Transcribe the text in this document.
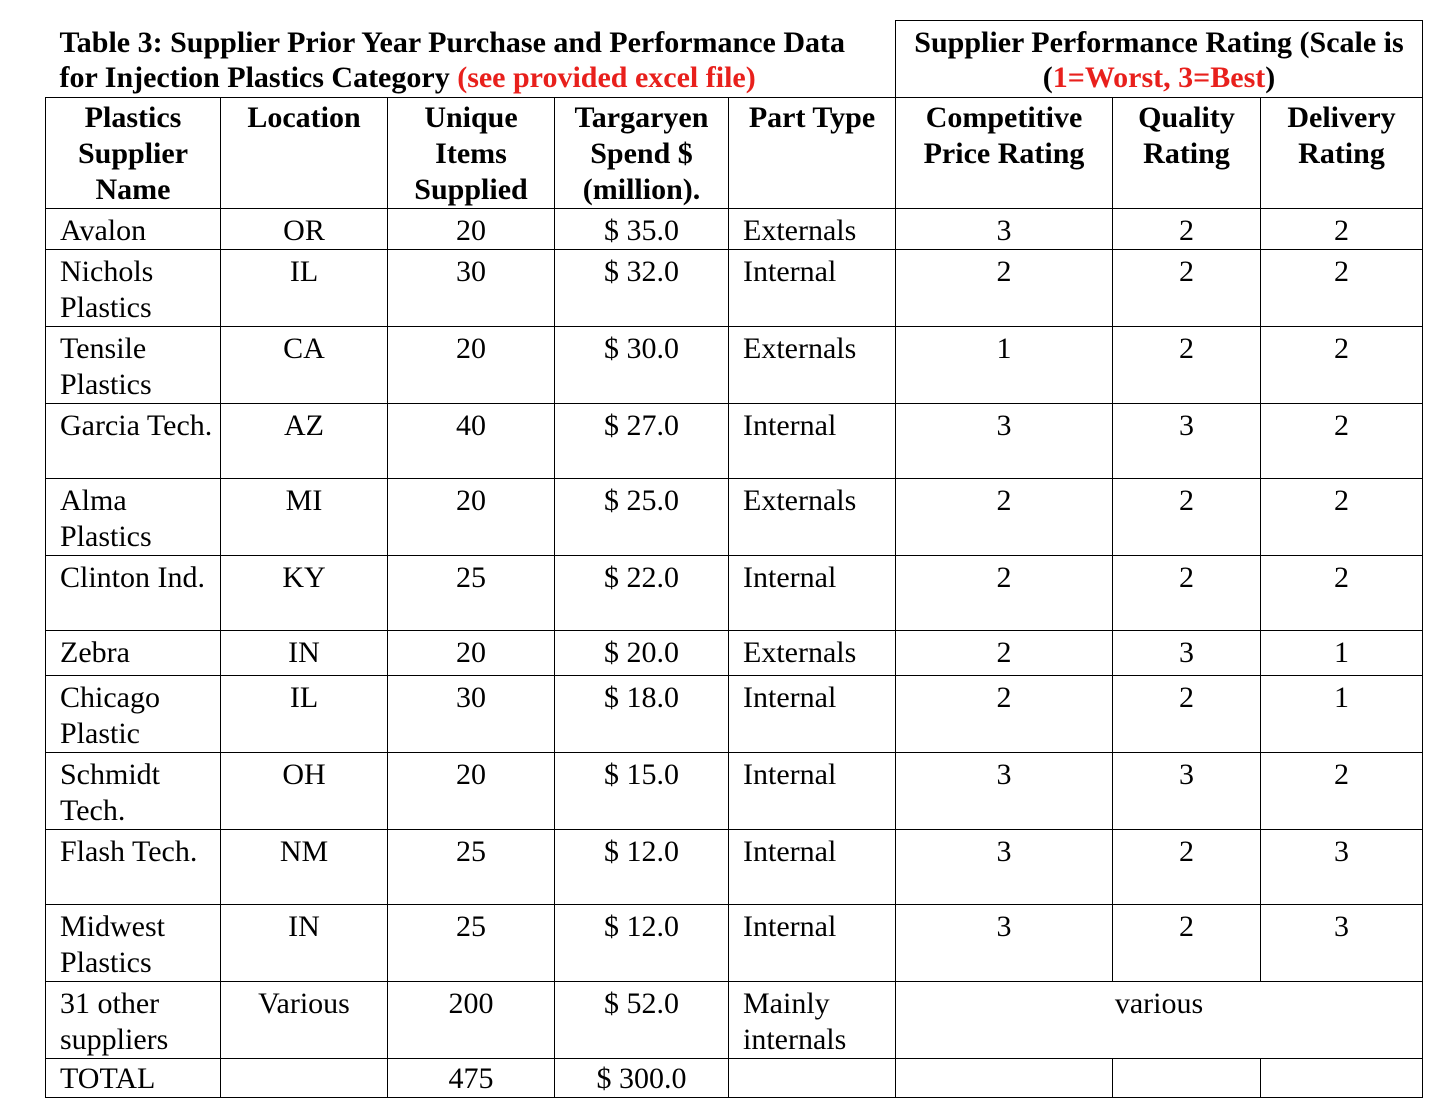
Table 3: Supplier Prior Year Purchase and Performance Data for Injection Plastics Category (see provided excel file)					Supplier Performance Rating (Scale is (1=Worst, 3=Best)		
Plastics Supplier Name	Location	Unique Items Supplied	Targaryen Spend $ (million).	Part Type	Competitive Price Rating	Quality Rating	Delivery Rating
Avalon	OR	20	$ 35.0	Externals	3	2	2
Nichols Plastics	IL	30	$ 32.0	Internal	2	2	2
Tensile Plastics	CA	20	$ 30.0	Externals	1	2	2
Garcia Tech.	AZ	40	$ 27.0	Internal	3	3	2
Alma Plastics	MI	20	$ 25.0	Externals	2	2	2
Clinton Ind.	KY	25	$ 22.0	Internal	2	2	2
Zebra	IN	20	$ 20.0	Externals	2	3	1
Chicago Plastic	IL	30	$ 18.0	Internal	2	2	1
Schmidt Tech.	OH	20	$ 15.0	Internal	3	3	2
Flash Tech.	NM	25	$ 12.0	Internal	3	2	3
Midwest Plastics	IN	25	$ 12.0	Internal	3	2	3
31 other suppliers	Various	200	$ 52.0	Mainly internals	various		
TOTAL		475	$ 300.0				
